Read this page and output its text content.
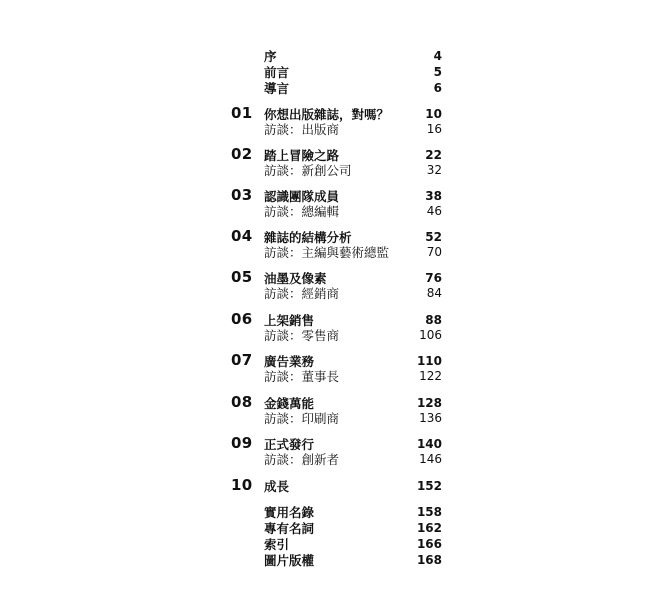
序	4
前言	5
導言	6
01 你想出版雜誌，對嗎？	10
訪談：出版商	16
02 踏上冒險之路	22
訪談：新創公司	32
03 認識團隊成員	38
訪談：總編輯	46
04 雜誌的結構分析	52
訪談：主編與藝術總監	70
05 油墨及像素	76
訪談：經銷商	84
06 上架銷售	88
訪談：零售商	106
07 廣告業務	110
訪談：董事長	122
08 金錢萬能	128
訪談：印刷商	136
09 正式發行	140
訪談：創新者	146
10 成長	152
實用名錄	158
專有名詞	162
索引	166
圖片版權	168
